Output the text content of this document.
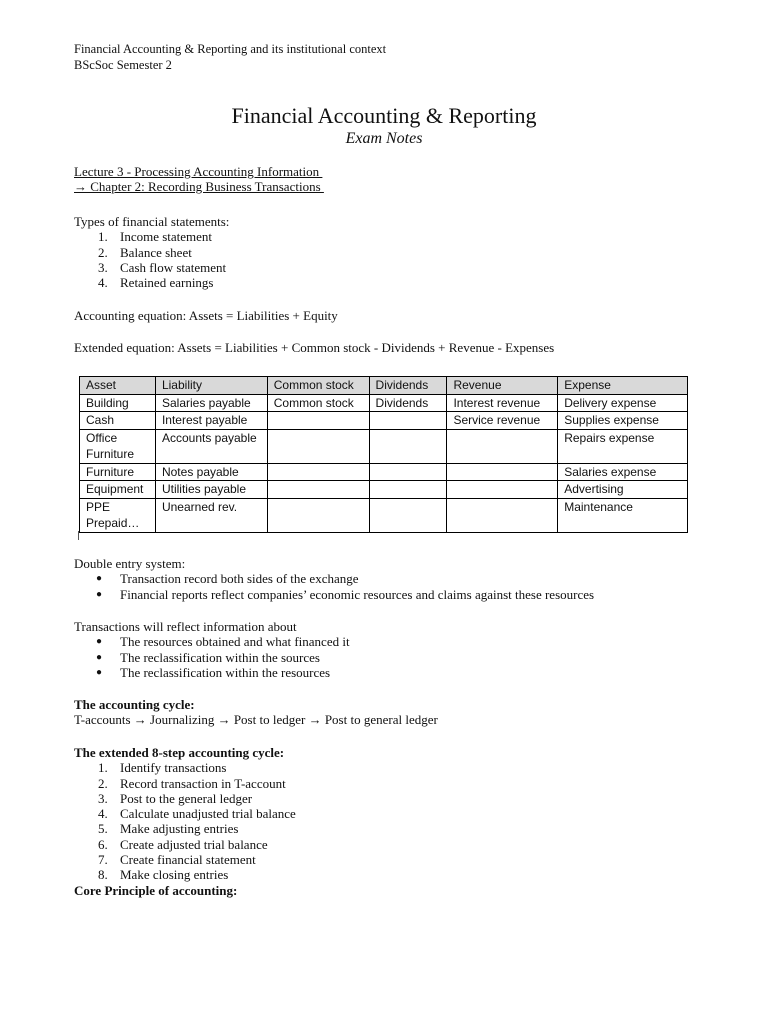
Financial Accounting & Reporting and its institutional context
BScSoc Semester 2
Financial Accounting & Reporting
Exam Notes
Lecture 3 - Processing Accounting Information
→ Chapter 2: Recording Business Transactions
Types of financial statements:
1. Income statement
2. Balance sheet
3. Cash flow statement
4. Retained earnings
Accounting equation: Assets = Liabilities + Equity
Extended equation: Assets = Liabilities + Common stock - Dividends + Revenue - Expenses
Asset	Liability	Common stock	Dividends	Revenue	Expense
Building	Salaries payable	Common stock	Dividends	Interest revenue	Delivery expense
Cash	Interest payable			Service revenue	Supplies expense
Office Furniture	Accounts payable				Repairs expense
Furniture	Notes payable				Salaries expense
Equipment	Utilities payable				Advertising
PPE Prepaid…	Unearned rev.				Maintenance
Double entry system:
● Transaction record both sides of the exchange
● Financial reports reflect companies’ economic resources and claims against these resources
Transactions will reflect information about
● The resources obtained and what financed it
● The reclassification within the sources
● The reclassification within the resources
The accounting cycle:
T-accounts → Journalizing → Post to ledger → Post to general ledger
The extended 8-step accounting cycle:
1. Identify transactions
2. Record transaction in T-account
3. Post to the general ledger
4. Calculate unadjusted trial balance
5. Make adjusting entries
6. Create adjusted trial balance
7. Create financial statement
8. Make closing entries
Core Principle of accounting:
